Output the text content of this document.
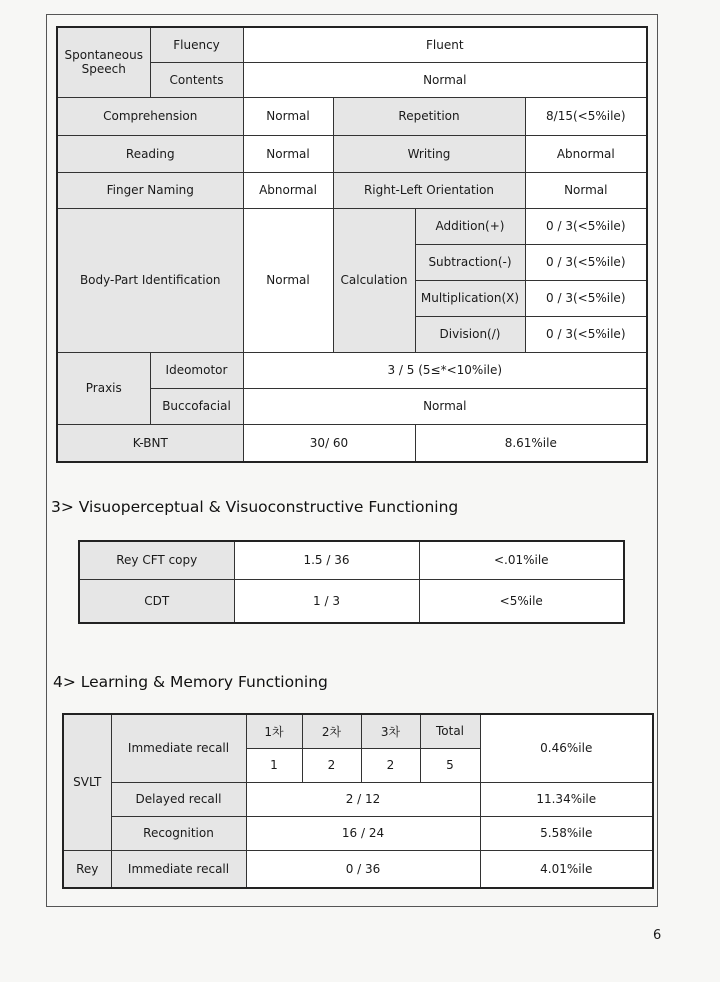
Spontaneous Speech	Fluency	Fluent			
	Contents	Normal			
Comprehension		Normal	Repetition		8/15(<5%ile)
Reading		Normal	Writing		Abnormal
Finger Naming		Abnormal	Right-Left Orientation		Normal
Body-Part Identification		Normal	Calculation	Addition(+)	0 / 3(<5%ile)
				Subtraction(-)	0 / 3(<5%ile)
				Multiplication(X)	0 / 3(<5%ile)
				Division(/)	0 / 3(<5%ile)
Praxis	Ideomotor	3 / 5 (5≤*<10%ile)			
	Buccofacial	Normal			
K-BNT		30/ 60		8.61%ile	
3> Visuoperceptual & Visuoconstructive Functioning
Rey CFT copy	1.5 / 36	<.01%ile
CDT	1 / 3	<5%ile
4> Learning & Memory Functioning
SVLT	Immediate recall	1차	2차	3차	Total	0.46%ile
		1	2	2	5	
	Delayed recall	2 / 12				11.34%ile
	Recognition	16 / 24				5.58%ile
Rey	Immediate recall	0 / 36				4.01%ile
6
